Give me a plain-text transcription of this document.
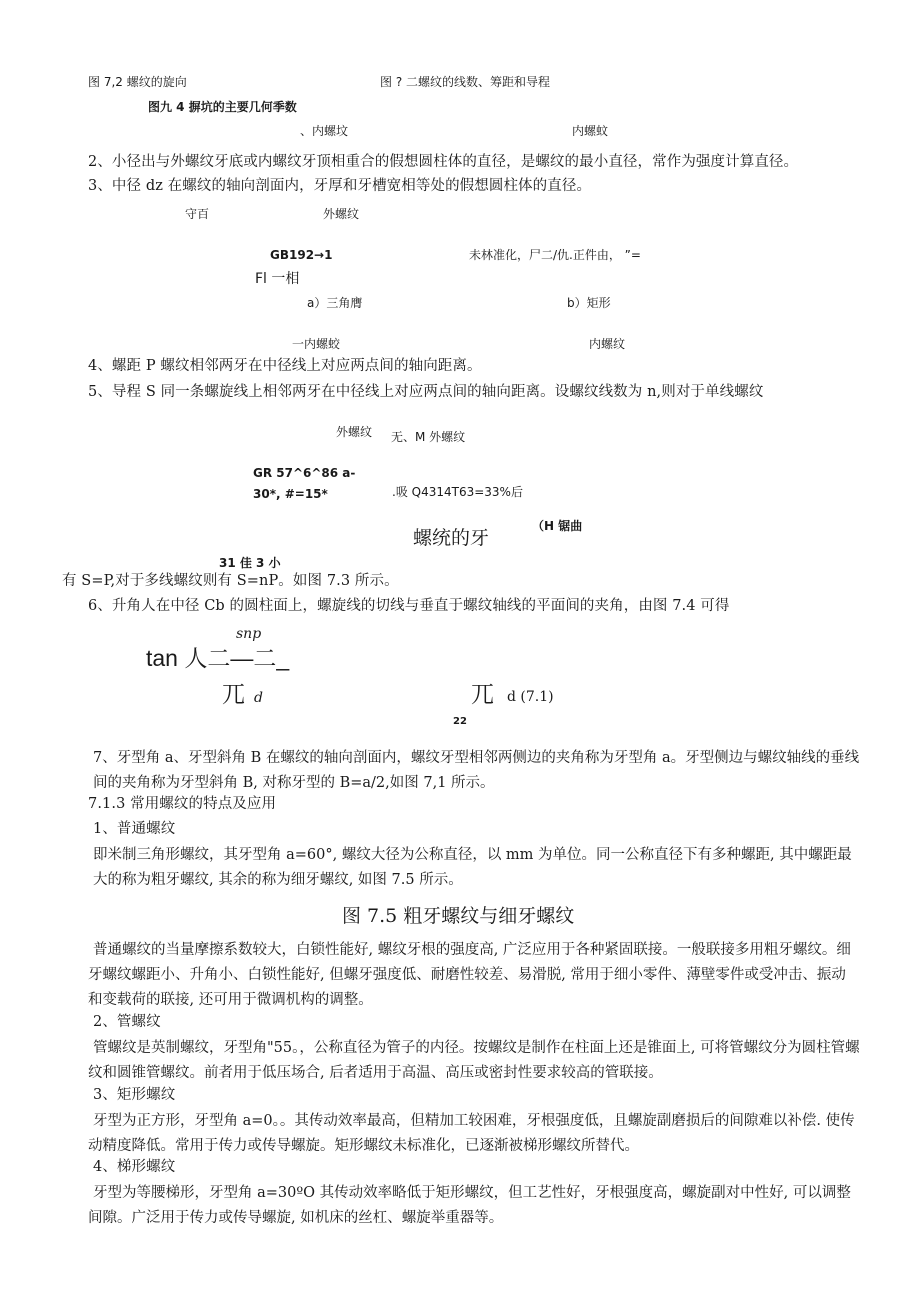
图 7,2 螺纹的旋向	图 ? 二螺纹的线数、筹距和导程
图九 4 摒坑的主要几何季数
、内螺坟	内螺蚊
2、小径出与外螺纹牙底或内螺纹牙顶相重合的假想圆柱体的直径，是螺纹的最小直径，常作为强度计算直径。
3、中径 dz 在螺纹的轴向剖面内，牙厚和牙槽宽相等处的假想圆柱体的直径。
守百	外螺纹
GB192→1	未林准化，尸二/仇.正件由， ”=
Fl 一相
a）三角膺	b）矩形
一内螺蛟	内螺纹
4、螺距 P 螺纹相邻两牙在中径线上对应两点间的轴向距离。
5、导程 S 同一条螺旋线上相邻两牙在中径线上对应两点间的轴向距离。设螺纹线数为 n,则对于单线螺纹
外螺纹 无、M 外螺纹
GR 57^6^86 a-
30*, #=15*	.吸 Q4314T63=33%后
螺统的牙
（H 锯曲
31 佳 3 小
有 S=P,对于多线螺纹则有 S=nP。如图 7.3 所示。
6、升角人在中径 Cb 的圆柱面上，螺旋线的切线与垂直于螺纹轴线的平面间的夹角，由图 7.4 可得
snp
tan 人二—二_
兀 d	兀 d (7.1)
22

7、牙型角 a、牙型斜角 B 在螺纹的轴向剖面内，螺纹牙型相邻两侧边的夹角称为牙型角 a。牙型侧边与螺纹轴线的垂线间的夹角称为牙型斜角 B, 对称牙型的 B=a/2,如图 7,1 所示。

7.1.3 常用螺纹的特点及应用
1、普通螺纹

即米制三角形螺纹，其牙型角 a=60°, 螺纹大径为公称直径，以 mm 为单位。同一公称直径下有多种螺距, 其中螺距最大的称为粗牙螺纹, 其余的称为细牙螺纹, 如图 7.5 所示。

图 7.5 粗牙螺纹与细牙螺纹

普通螺纹的当量摩擦系数较大，白锁性能好, 螺纹牙根的强度高, 广泛应用于各种紧固联接。一般联接多用粗牙螺纹。细牙螺纹螺距小、升角小、白锁性能好, 但螺牙强度低、耐磨性较差、易滑脱, 常用于细小零件、薄壁零件或受冲击、振动和变载荷的联接, 还可用于微调机构的调整。

2、管螺纹

管螺纹是英制螺纹，牙型角"55。，公称直径为管子的内径。按螺纹是制作在柱面上还是锥面上, 可将管螺纹分为圆柱管螺纹和圆锥管螺纹。前者用于低压场合, 后者适用于高温、高压或密封性要求较高的管联接。

3、矩形螺纹

牙型为正方形，牙型角 a=0。。其传动效率最高，但精加工较困难，牙根强度低，且螺旋副磨损后的间隙难以补偿. 使传动精度降低。常用于传力或传导螺旋。矩形螺纹未标准化，已逐渐被梯形螺纹所替代。

4、梯形螺纹

牙型为等腰梯形，牙型角 a=30ºO 其传动效率略低于矩形螺纹，但工艺性好，牙根强度高，螺旋副对中性好, 可以调整间隙。广泛用于传力或传导螺旋, 如机床的丝杠、螺旋举重器等。
